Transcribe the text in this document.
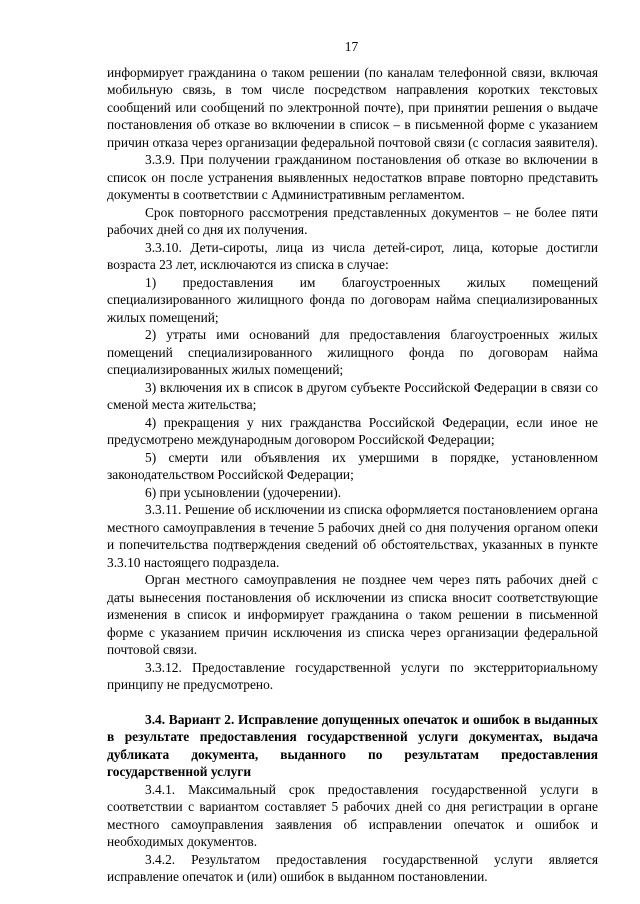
17

информирует гражданина о таком решении (по каналам телефонной связи, включая мобильную связь, в том числе посредством направления коротких текстовых сообщений или сообщений по электронной почте), при принятии решения о выдаче постановления об отказе во включении в список – в письменной форме с указанием причин отказа через организации федеральной почтовой связи (с согласия заявителя).

3.3.9. При получении гражданином постановления об отказе во включении в список он после устранения выявленных недостатков вправе повторно представить документы в соответствии с Административным регламентом.

Срок повторного рассмотрения представленных документов – не более пяти рабочих дней со дня их получения.

3.3.10. Дети-сироты, лица из числа детей-сирот, лица, которые достигли возраста 23 лет, исключаются из списка в случае:

1) предоставления им благоустроенных жилых помещений специализированного жилищного фонда по договорам найма специализированных жилых помещений;

2) утраты ими оснований для предоставления благоустроенных жилых помещений специализированного жилищного фонда по договорам найма специализированных жилых помещений;

3) включения их в список в другом субъекте Российской Федерации в связи со сменой места жительства;

4) прекращения у них гражданства Российской Федерации, если иное не предусмотрено международным договором Российской Федерации;

5) смерти или объявления их умершими в порядке, установленном законодательством Российской Федерации;

6) при усыновлении (удочерении).

3.3.11. Решение об исключении из списка оформляется постановлением органа местного самоуправления в течение 5 рабочих дней со дня получения органом опеки и попечительства подтверждения сведений об обстоятельствах, указанных в пункте 3.3.10 настоящего подраздела.

Орган местного самоуправления не позднее чем через пять рабочих дней с даты вынесения постановления об исключении из списка вносит соответствующие изменения в список и информирует гражданина о таком решении в письменной форме с указанием причин исключения из списка через организации федеральной почтовой связи.

3.3.12. Предоставление государственной услуги по экстерриториальному принципу не предусмотрено.

3.4. Вариант 2. Исправление допущенных опечаток и ошибок в выданных в результате предоставления государственной услуги документах, выдача дубликата документа, выданного по результатам предоставления государственной услуги

3.4.1. Максимальный срок предоставления государственной услуги в соответствии с вариантом составляет 5 рабочих дней со дня регистрации в органе местного самоуправления заявления об исправлении опечаток и ошибок и необходимых документов.

3.4.2. Результатом предоставления государственной услуги является исправление опечаток и (или) ошибок в выданном постановлении.
